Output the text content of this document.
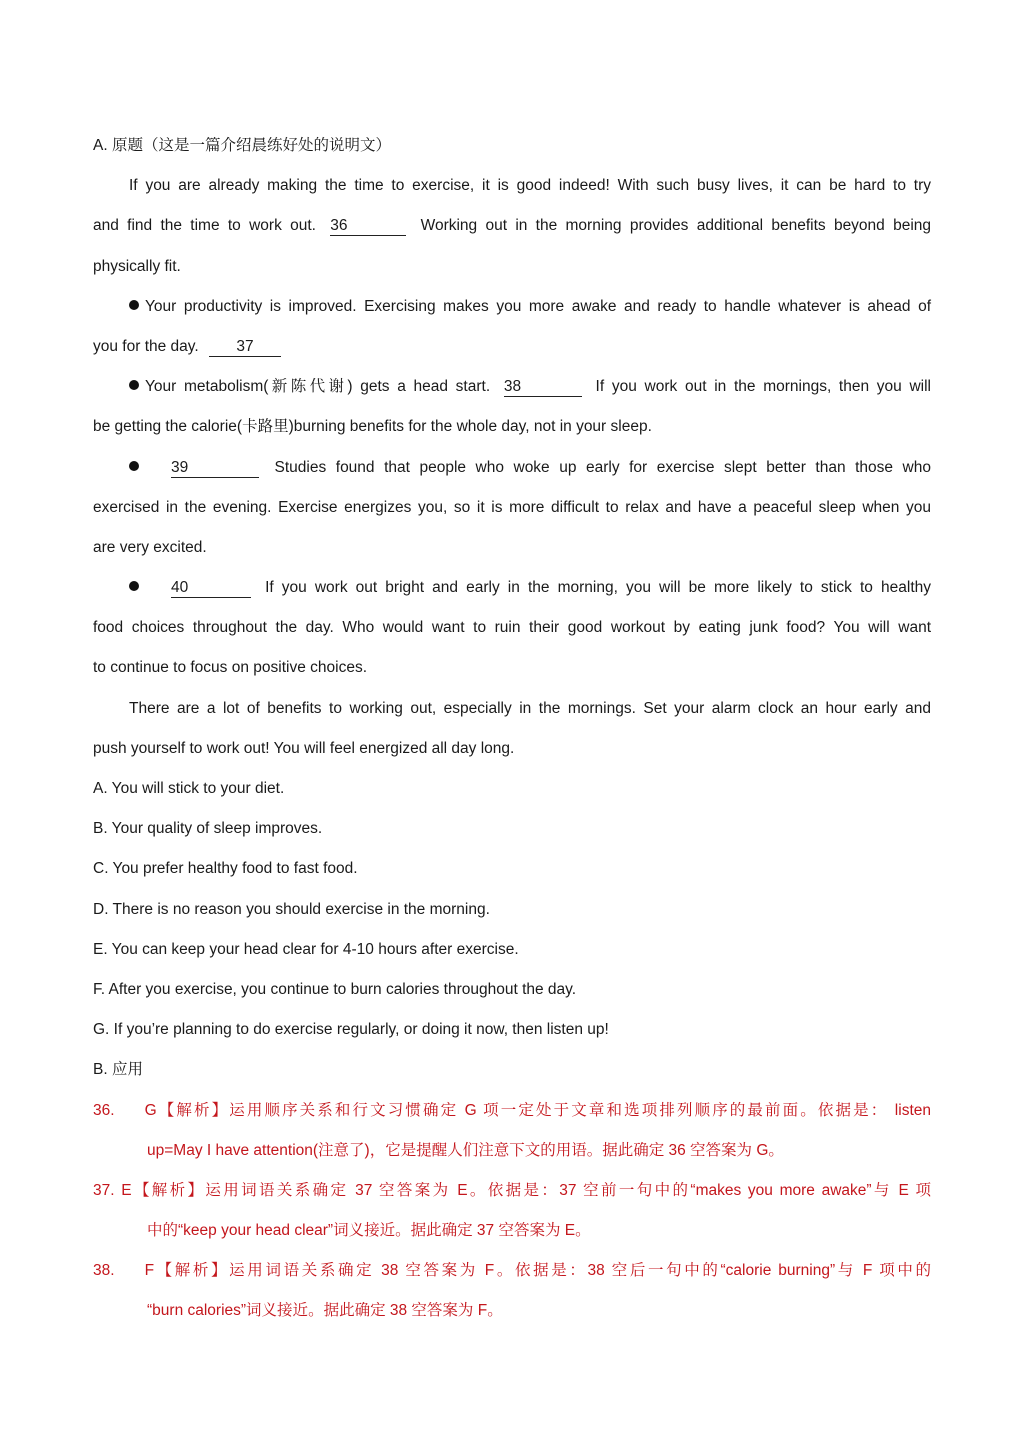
A. 原题（这是一篇介绍晨练好处的说明文）
If you are already making the time to exercise, it is good indeed! With such busy lives, it can be hard to try
and find the time to work out. 36	Working out in the morning provides additional benefits beyond being
physically fit.
Your productivity is improved. Exercising makes you more awake and ready to handle whatever is ahead of
you for the day. 37
Your metabolism(新陈代谢) gets a head start. 38	If you work out in the mornings, then you will
be getting the calorie(卡路里)burning benefits for the whole day, not in your sleep.
39	Studies found that people who woke up early for exercise slept better than those who
exercised in the evening. Exercise energizes you, so it is more difficult to relax and have a peaceful sleep when you
are very excited.
40	If you work out bright and early in the morning, you will be more likely to stick to healthy
food choices throughout the day. Who would want to ruin their good workout by eating junk food? You will want
to continue to focus on positive choices.
There are a lot of benefits to working out, especially in the mornings. Set your alarm clock an hour early and
push yourself to work out! You will feel energized all day long.
A. You will stick to your diet.
B. Your quality of sleep improves.
C. You prefer healthy food to fast food.
D. There is no reason you should exercise in the morning.
E. You can keep your head clear for 4-10 hours after exercise.
F. After you exercise, you continue to burn calories throughout the day.
G. If you’re planning to do exercise regularly, or doing it now, then listen up!
B. 应用
36. G【解析】运用顺序关系和行文习惯确定 G 项一定处于文章和选项排列顺序的最前面。依据是： listen
up=May I have attention(注意了)，它是提醒人们注意下文的用语。据此确定 36 空答案为 G。
37. E【解析】运用词语关系确定 37 空答案为 E。依据是：37 空前一句中的“makes you more awake”与 E 项
中的“keep your head clear”词义接近。据此确定 37 空答案为 E。
38. F【解析】运用词语关系确定 38 空答案为 F。依据是：38 空后一句中的“calorie burning”与 F 项中的
“burn calories”词义接近。据此确定 38 空答案为 F。
